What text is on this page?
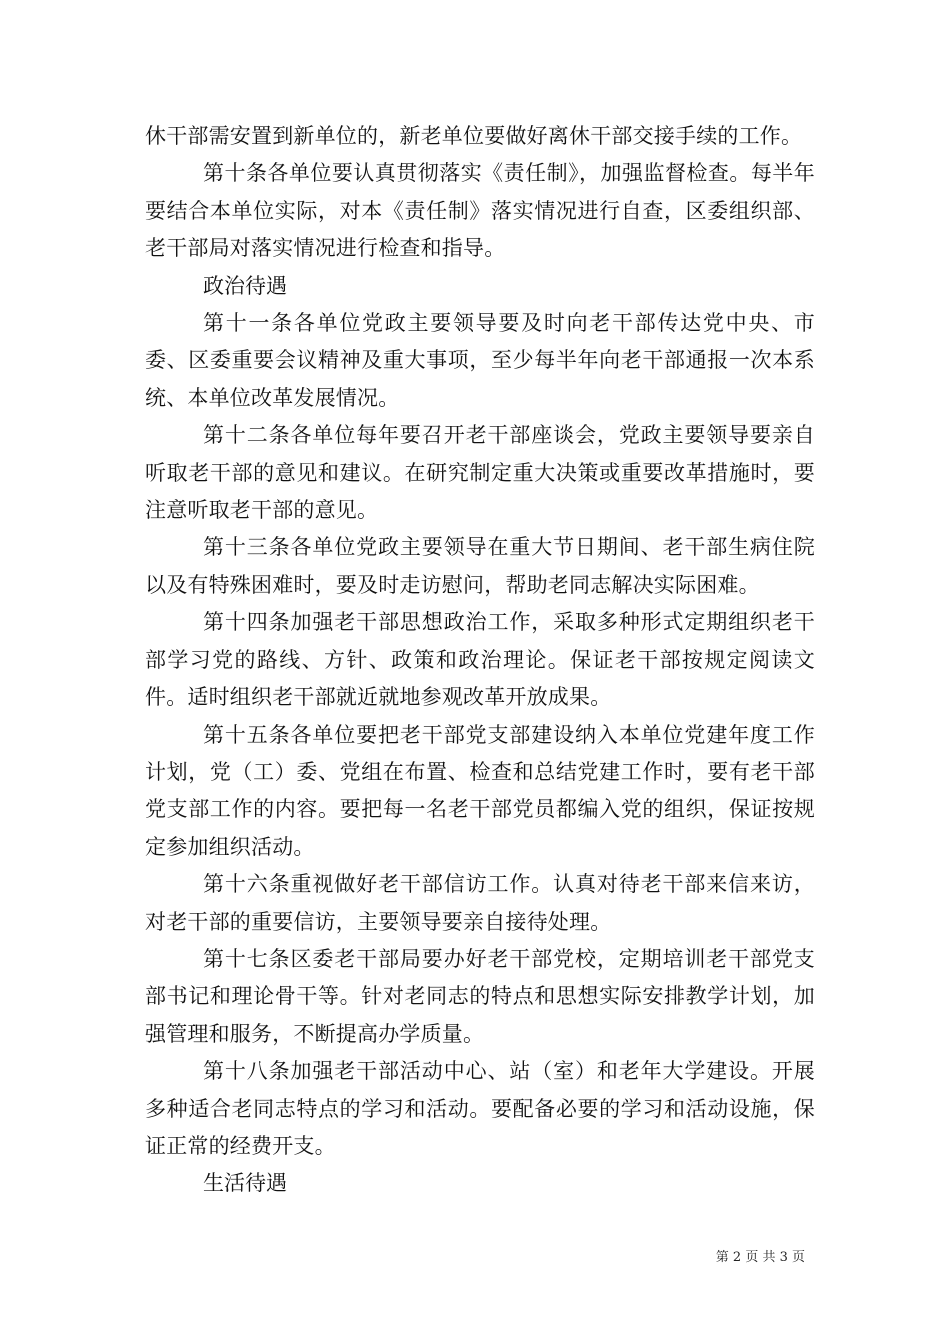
休干部需安置到新单位的，新老单位要做好离休干部交接手续的工作。

第十条各单位要认真贯彻落实《责任制》，加强监督检查。每半年要结合本单位实际，对本《责任制》落实情况进行自查，区委组织部、老干部局对落实情况进行检查和指导。

政治待遇

第十一条各单位党政主要领导要及时向老干部传达党中央、市委、区委重要会议精神及重大事项，至少每半年向老干部通报一次本系统、本单位改革发展情况。

第十二条各单位每年要召开老干部座谈会，党政主要领导要亲自听取老干部的意见和建议。在研究制定重大决策或重要改革措施时，要注意听取老干部的意见。

第十三条各单位党政主要领导在重大节日期间、老干部生病住院以及有特殊困难时，要及时走访慰问，帮助老同志解决实际困难。

第十四条加强老干部思想政治工作，采取多种形式定期组织老干部学习党的路线、方针、政策和政治理论。保证老干部按规定阅读文件。适时组织老干部就近就地参观改革开放成果。

第十五条各单位要把老干部党支部建设纳入本单位党建年度工作计划，党（工）委、党组在布置、检查和总结党建工作时，要有老干部党支部工作的内容。要把每一名老干部党员都编入党的组织，保证按规定参加组织活动。

第十六条重视做好老干部信访工作。认真对待老干部来信来访，对老干部的重要信访，主要领导要亲自接待处理。

第十七条区委老干部局要办好老干部党校，定期培训老干部党支部书记和理论骨干等。针对老同志的特点和思想实际安排教学计划，加强管理和服务，不断提高办学质量。

第十八条加强老干部活动中心、站（室）和老年大学建设。开展多种适合老同志特点的学习和活动。要配备必要的学习和活动设施，保证正常的经费开支。

生活待遇

第 2 页 共 3 页
